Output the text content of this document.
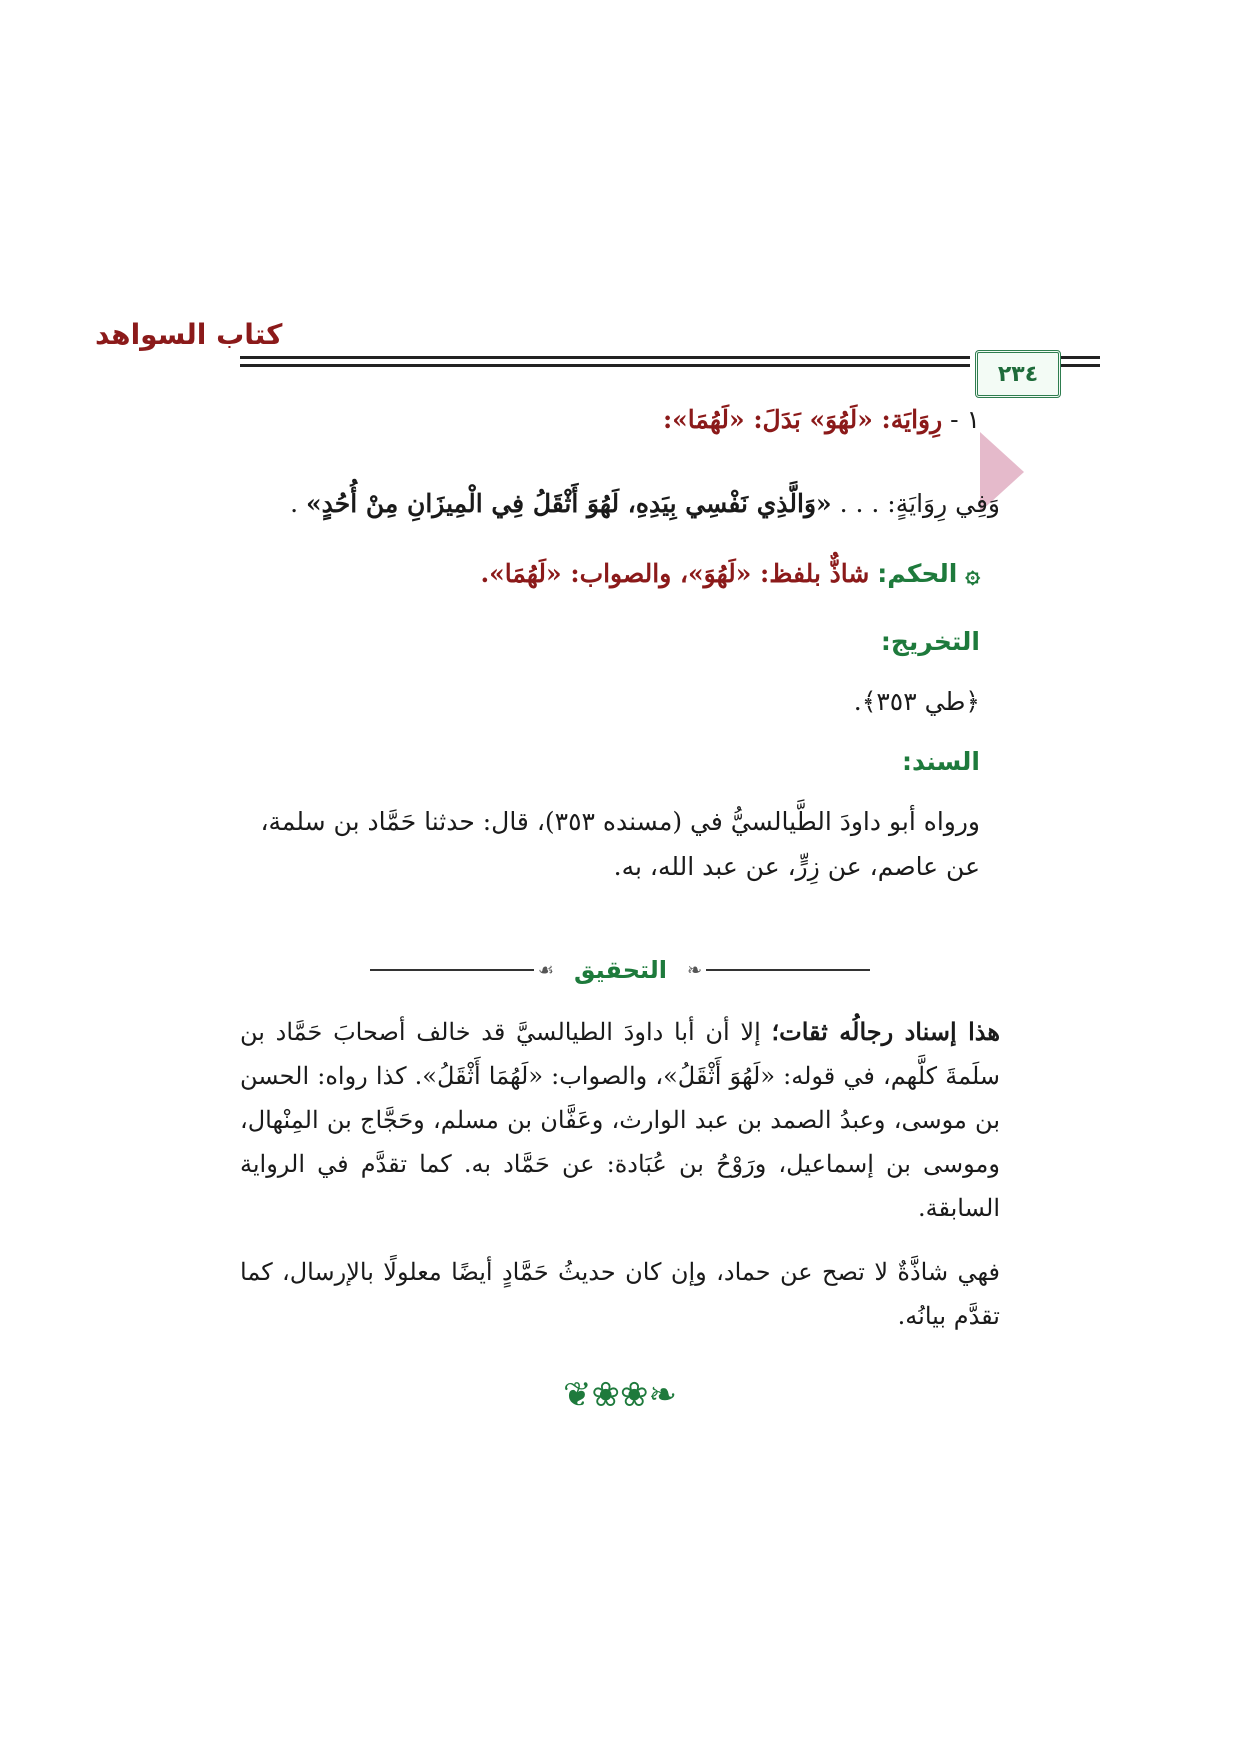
كتاب السواهد
٢٣٤
١ - رِوَايَة: «لَهُوَ» بَدَلَ: «لَهُمَا»:
وَفِي رِوَايَةٍ: . . . «وَالَّذِي نَفْسِي بِيَدِهِ، لَهُوَ أَثْقَلُ فِي الْمِيزَانِ مِنْ أُحُدٍ» .
۞ الحكم: شاذٌّ بلفظ: «لَهُوَ»، والصواب: «لَهُمَا».
التخريج:
﴿طي ٣٥٣﴾.
السند:
ورواه أبو داودَ الطَّيالسيُّ في (مسنده ٣٥٣)، قال: حدثنا حَمَّاد بن سلمة،
عن عاصم، عن زِرٍّ، عن عبد الله، به.
❧
التحقيق
☙
هذا إسناد رجالُه ثقات؛ إلا أن أبا داودَ الطيالسيَّ قد خالف أصحابَ حَمَّاد بن سلَمةَ كلَّهم، في قوله: «لَهُوَ أَثْقَلُ»، والصواب: «لَهُمَا أَثْقَلُ». كذا رواه: الحسن بن موسى، وعبدُ الصمد بن عبد الوارث، وعَفَّان بن مسلم، وحَجَّاج بن المِنْهال، وموسى بن إسماعيل، ورَوْحُ بن عُبَادة: عن حَمَّاد به. كما تقدَّم في الرواية السابقة.
فهي شاذَّةٌ لا تصح عن حماد، وإن كان حديثُ حَمَّادٍ أيضًا معلولًا بالإرسال، كما تقدَّم بيانُه.
❦❀❀❧
